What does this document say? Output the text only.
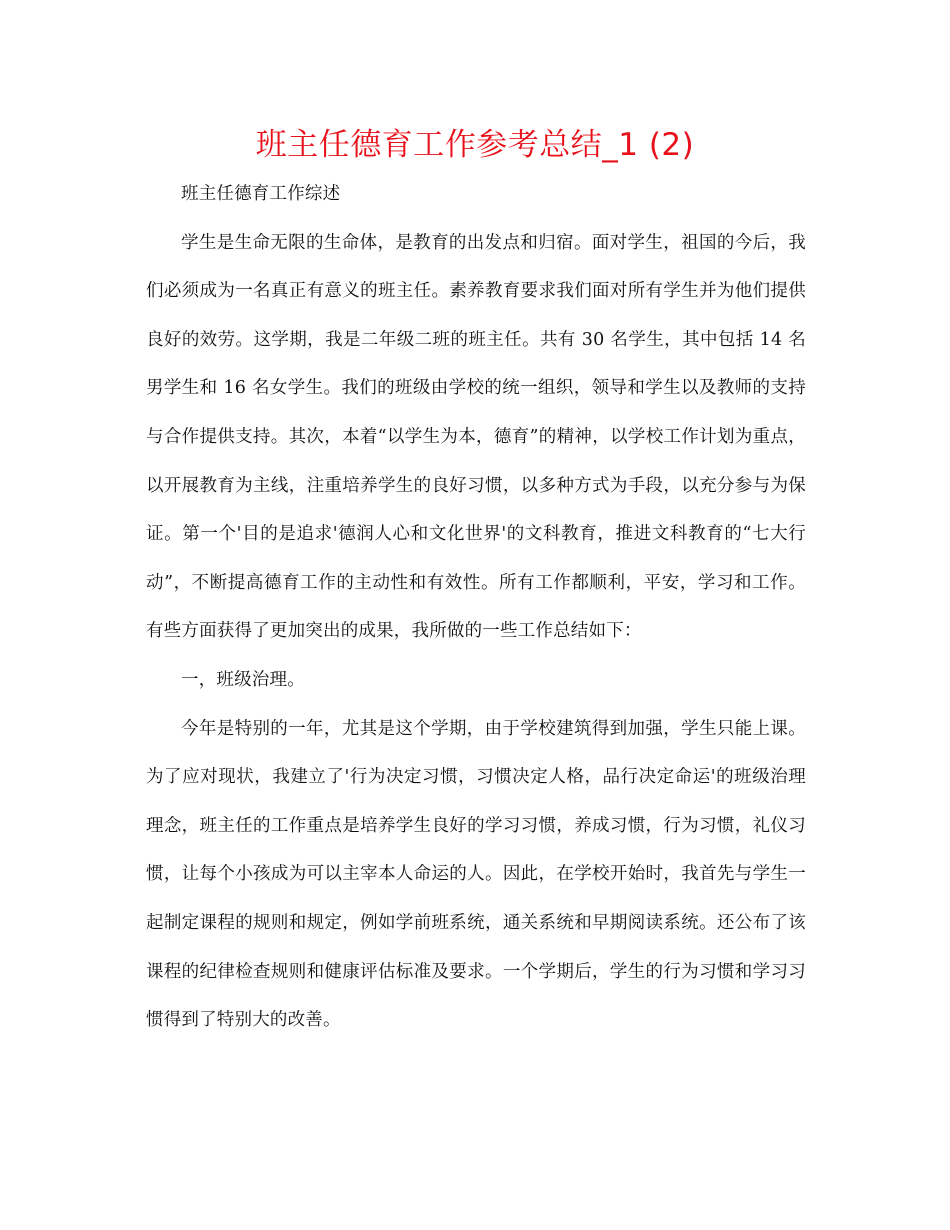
班主任德育工作参考总结_1 (2)

班主任德育工作综述

学生是生命无限的生命体，是教育的出发点和归宿。面对学生，祖国的今后，我们必须成为一名真正有意义的班主任。素养教育要求我们面对所有学生并为他们提供良好的效劳。这学期，我是二年级二班的班主任。共有 30 名学生，其中包括 14 名男学生和 16 名女学生。我们的班级由学校的统一组织，领导和学生以及教师的支持与合作提供支持。其次，本着“以学生为本，德育”的精神，以学校工作计划为重点，以开展教育为主线，注重培养学生的良好习惯，以多种方式为手段，以充分参与为保证。第一个'目的是追求'德润人心和文化世界'的文科教育，推进文科教育的“七大行动”，不断提高德育工作的主动性和有效性。所有工作都顺利，平安，学习和工作。有些方面获得了更加突出的成果，我所做的一些工作总结如下：

一，班级治理。

今年是特别的一年，尤其是这个学期，由于学校建筑得到加强，学生只能上课。为了应对现状，我建立了'行为决定习惯，习惯决定人格，品行决定命运'的班级治理理念，班主任的工作重点是培养学生良好的学习习惯，养成习惯，行为习惯，礼仪习惯，让每个小孩成为可以主宰本人命运的人。因此，在学校开始时，我首先与学生一起制定课程的规则和规定，例如学前班系统，通关系统和早期阅读系统。还公布了该课程的纪律检查规则和健康评估标准及要求。一个学期后，学生的行为习惯和学习习惯得到了特别大的改善。
